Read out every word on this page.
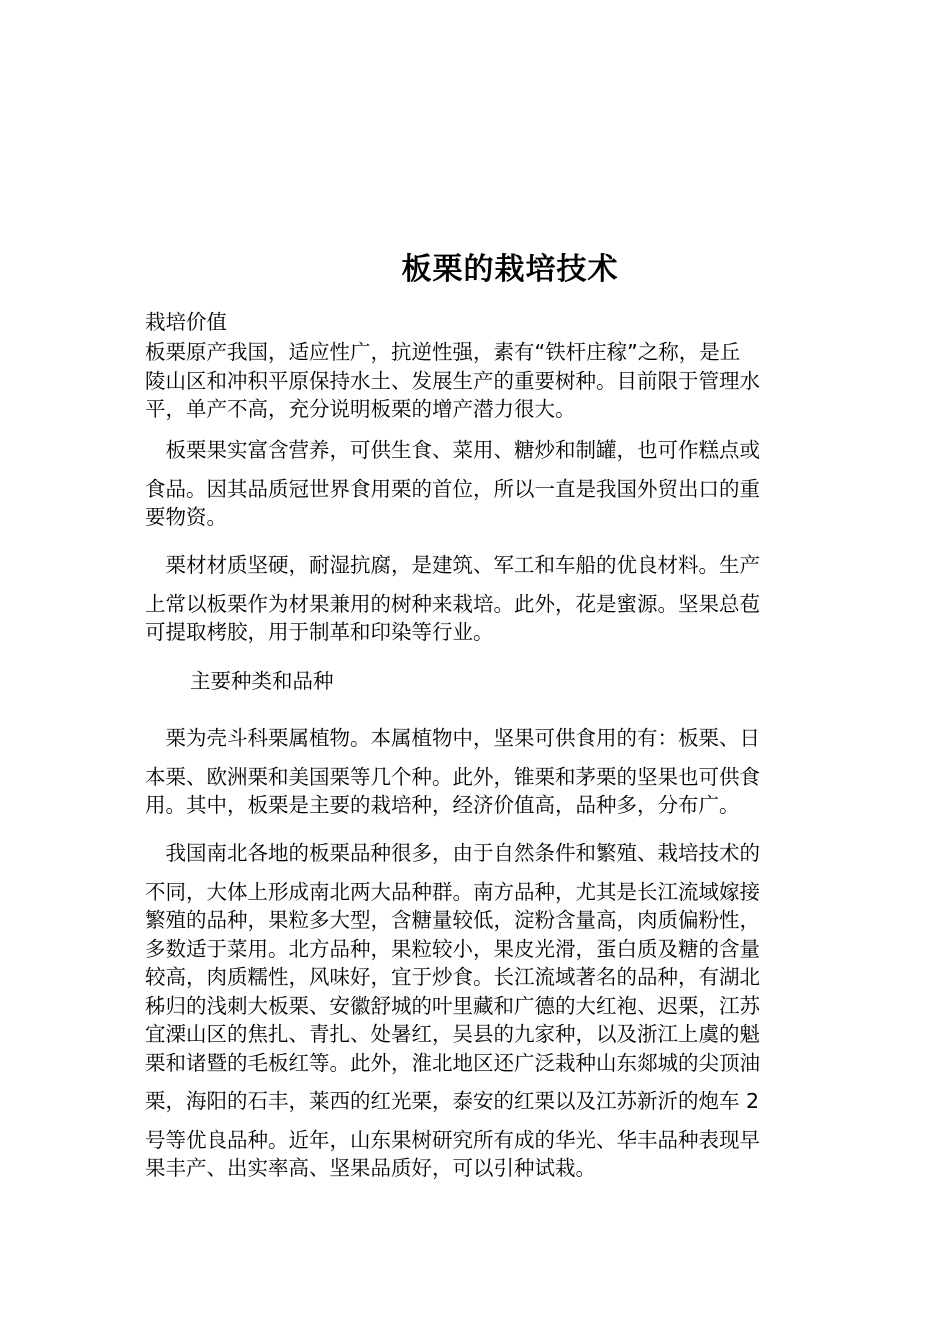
板栗的栽培技术

栽培价值

板栗原产我国，适应性广，抗逆性强，素有“铁杆庄稼”之称，是丘
陵山区和冲积平原保持水土、发展生产的重要树种。目前限于管理水
平，单产不高，充分说明板栗的增产潜力很大。

　板栗果实富含营养，可供生食、菜用、糖炒和制罐，也可作糕点或
食品。因其品质冠世界食用栗的首位，所以一直是我国外贸出口的重
要物资。

　栗材材质坚硬，耐湿抗腐，是建筑、军工和车船的优良材料。生产
上常以板栗作为材果兼用的树种来栽培。此外，花是蜜源。坚果总苞
可提取栲胶，用于制革和印染等行业。

主要种类和品种

　栗为壳斗科栗属植物。本属植物中，坚果可供食用的有：板栗、日
本栗、欧洲栗和美国栗等几个种。此外，锥栗和茅栗的坚果也可供食
用。其中，板栗是主要的栽培种，经济价值高，品种多，分布广。

　我国南北各地的板栗品种很多，由于自然条件和繁殖、栽培技术的
不同，大体上形成南北两大品种群。南方品种，尤其是长江流域嫁接
繁殖的品种，果粒多大型，含糖量较低，淀粉含量高，肉质偏粉性，
多数适于菜用。北方品种，果粒较小，果皮光滑，蛋白质及糖的含量
较高，肉质糯性，风味好，宜于炒食。长江流域著名的品种，有湖北
秭归的浅刺大板栗、安徽舒城的叶里藏和广德的大红袍、迟栗，江苏
宜溧山区的焦扎、青扎、处暑红，吴县的九家种，以及浙江上虞的魁
栗和诸暨的毛板红等。此外，淮北地区还广泛栽种山东郯城的尖顶油
栗，海阳的石丰，莱西的红光栗，泰安的红栗以及江苏新沂的炮车 2
号等优良品种。近年，山东果树研究所有成的华光、华丰品种表现早
果丰产、出实率高、坚果品质好，可以引种试栽。
